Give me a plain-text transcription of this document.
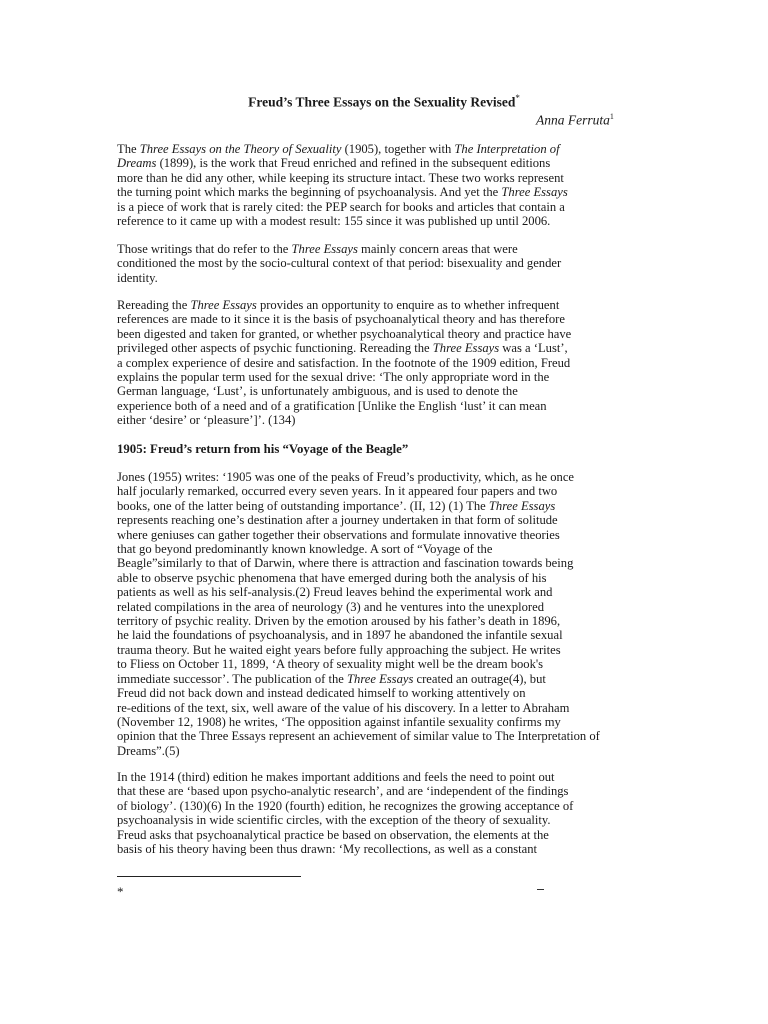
Freud’s Three Essays on the Sexuality Revised*
Anna Ferruta$^1$
The Three Essays on the Theory of Sexuality (1905), together with The Interpretation of
Dreams (1899), is the work that Freud enriched and refined in the subsequent editions
more than he did any other, while keeping its structure intact. These two works represent
the turning point which marks the beginning of psychoanalysis. And yet the Three Essays
is a piece of work that is rarely cited: the PEP search for books and articles that contain a
reference to it came up with a modest result: 155 since it was published up until 2006.
Those writings that do refer to the Three Essays mainly concern areas that were
conditioned the most by the socio-cultural context of that period: bisexuality and gender
identity.
Rereading the Three Essays provides an opportunity to enquire as to whether infrequent
references are made to it since it is the basis of psychoanalytical theory and has therefore
been digested and taken for granted, or whether psychoanalytical theory and practice have
privileged other aspects of psychic functioning. Rereading the Three Essays was a ‘Lust’,
a complex experience of desire and satisfaction. In the footnote of the 1909 edition, Freud
explains the popular term used for the sexual drive: ‘The only appropriate word in the
German language, ‘Lust’, is unfortunately ambiguous, and is used to denote the
experience both of a need and of a gratification [Unlike the English ‘lust’ it can mean
either ‘desire’ or ‘pleasure’]’. (134)
1905: Freud’s return from his “Voyage of the Beagle”
Jones (1955) writes: ‘1905 was one of the peaks of Freud’s productivity, which, as he once
half jocularly remarked, occurred every seven years. In it appeared four papers and two
books, one of the latter being of outstanding importance’. (II, 12) (1) The Three Essays
represents reaching one’s destination after a journey undertaken in that form of solitude
where geniuses can gather together their observations and formulate innovative theories
that go beyond predominantly known knowledge. A sort of “Voyage of the
Beagle”similarly to that of Darwin, where there is attraction and fascination towards being
able to observe psychic phenomena that have emerged during both the analysis of his
patients as well as his self-analysis.(2) Freud leaves behind the experimental work and
related compilations in the area of neurology (3) and he ventures into the unexplored
territory of psychic reality. Driven by the emotion aroused by his father’s death in 1896,
he laid the foundations of psychoanalysis, and in 1897 he abandoned the infantile sexual
trauma theory. But he waited eight years before fully approaching the subject. He writes
to Fliess on October 11, 1899, ‘A theory of sexuality might well be the dream book's
immediate successor’. The publication of the Three Essays created an outrage(4), but
Freud did not back down and instead dedicated himself to working attentively on
re-editions of the text, six, well aware of the value of his discovery. In a letter to Abraham
(November 12, 1908) he writes, ‘The opposition against infantile sexuality confirms my
opinion that the Three Essays represent an achievement of similar value to The Interpretation of
Dreams”.(5)
In the 1914 (third) edition he makes important additions and feels the need to point out
that these are ‘based upon psycho-analytic research’, and are ‘independent of the findings
of biology’. (130)(6) In the 1920 (fourth) edition, he recognizes the growing acceptance of
psychoanalysis in wide scientific circles, with the exception of the theory of sexuality.
Freud asks that psychoanalytical practice be based on observation, the elements at the
basis of his theory having been thus drawn: ‘My recollections, as well as a constant
*
